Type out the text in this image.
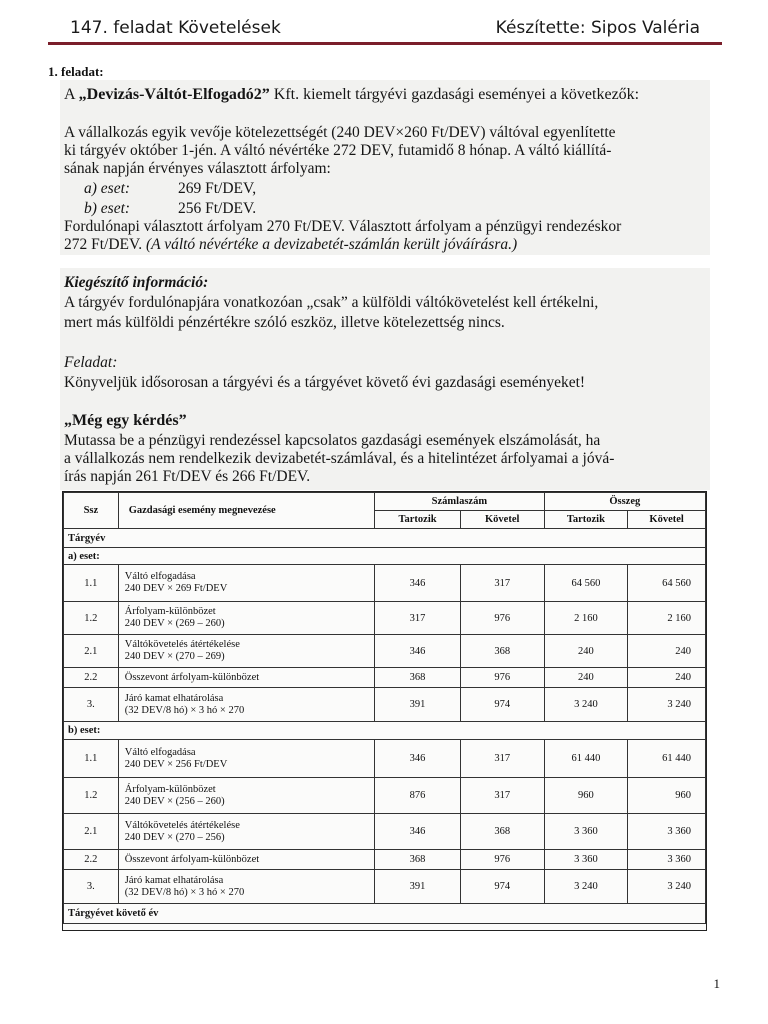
147. feladat Követelések	Készítette: Sipos Valéria
1. feladat:
A „Devizás-Váltót-Elfogadó2” Kft. kiemelt tárgyévi gazdasági eseményei a következők:
A vállalkozás egyik vevője kötelezettségét (240 DEV×260 Ft/DEV) váltóval egyenlítette
ki tárgyév október 1-jén. A váltó névértéke 272 DEV, futamidő 8 hónap. A váltó kiállítá-
sának napján érvényes választott árfolyam:
a) eset:	269 Ft/DEV,
b) eset:	256 Ft/DEV.
Fordulónapi választott árfolyam 270 Ft/DEV. Választott árfolyam a pénzügyi rendezéskor
272 Ft/DEV. (A váltó névértéke a devizabetét-számlán került jóváírásra.)
Kiegészítő információ:
A tárgyév fordulónapjára vonatkozóan „csak” a külföldi váltókövetelést kell értékelni,
mert más külföldi pénzértékre szóló eszköz, illetve kötelezettség nincs.
Feladat:
Könyveljük idősorosan a tárgyévi és a tárgyévet követő évi gazdasági eseményeket!
„Még egy kérdés”
Mutassa be a pénzügyi rendezéssel kapcsolatos gazdasági események elszámolását, ha
a vállalkozás nem rendelkezik devizabetét-számlával, és a hitelintézet árfolyamai a jóvá-
írás napján 261 Ft/DEV és 266 Ft/DEV.
Ssz	Gazdasági esemény megnevezése	Számlaszám		Összeg	
		Tartozik	Követel	Tartozik	Követel
Tárgyév					
a) eset:					
1.1	Váltó elfogadása
240 DEV × 269 Ft/DEV	346	317	64 560	64 560
1.2	Árfolyam-különbözet
240 DEV × (269 – 260)	317	976	2 160	2 160
2.1	Váltókövetelés átértékelése
240 DEV × (270 – 269)	346	368	240	240
2.2	Összevont árfolyam-különbözet	368	976	240	240
3.	Járó kamat elhatárolása
(32 DEV/8 hó) × 3 hó × 270	391	974	3 240	3 240
b) eset:					
1.1	Váltó elfogadása
240 DEV × 256 Ft/DEV	346	317	61 440	61 440
1.2	Árfolyam-különbözet
240 DEV × (256 – 260)	876	317	960	960
2.1	Váltókövetelés átértékelése
240 DEV × (270 – 256)	346	368	3 360	3 360
2.2	Összevont árfolyam-különbözet	368	976	3 360	3 360
3.	Járó kamat elhatárolása
(32 DEV/8 hó) × 3 hó × 270	391	974	3 240	3 240
Tárgyévet követő év					
1
